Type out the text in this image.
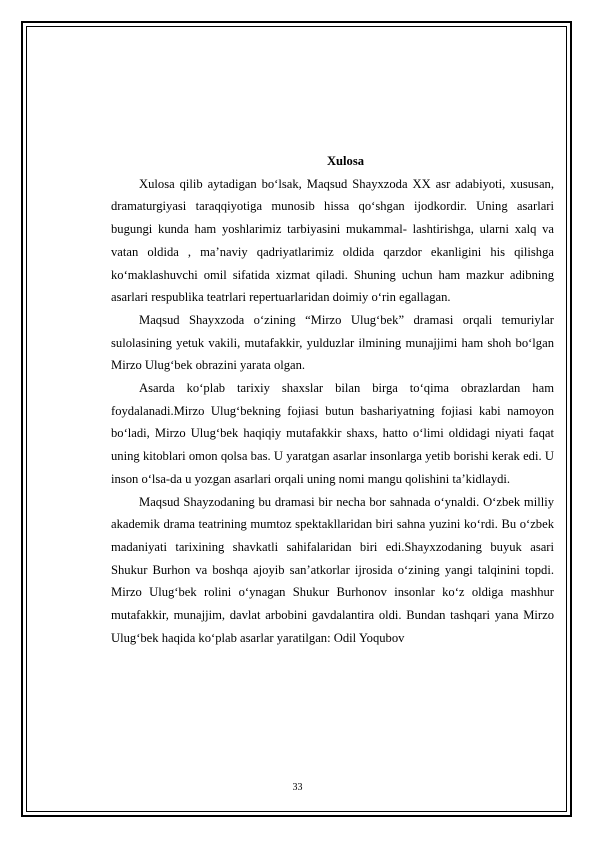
Xulosa

Xulosa qilib aytadigan bo‘lsak, Maqsud Shayxzoda XX asr adabiyoti, xususan, dramaturgiyasi taraqqiyotiga munosib hissa qo‘shgan ijodkordir. Uning asarlari bugungi kunda ham yoshlarimiz tarbiyasini mukammal- lashtirishga, ularni xalq va vatan oldida , ma’naviy qadriyatlarimiz oldida qarzdor ekanligini his qilishga ko‘maklashuvchi omil sifatida xizmat qiladi. Shuning uchun ham mazkur adibning asarlari respublika teatrlari repertuarlaridan doimiy o‘rin egallagan.

Maqsud Shayxzoda o‘zining “Mirzo Ulug‘bek” dramasi orqali temuriylar sulolasining yetuk vakili, mutafakkir, yulduzlar ilmining munajjimi ham shoh bo‘lgan Mirzo Ulug‘bek obrazini yarata olgan.

Asarda ko‘plab tarixiy shaxslar bilan birga to‘qima obrazlardan ham foydalanadi.Mirzo Ulug‘bekning fojiasi butun bashariyatning fojiasi kabi namoyon bo‘ladi, Mirzo Ulug‘bek haqiqiy mutafakkir shaxs, hatto o‘limi oldidagi niyati faqat uning kitoblari omon qolsa bas. U yaratgan asarlar insonlarga yetib borishi kerak edi. U inson o‘lsa-da u yozgan asarlari orqali uning nomi mangu qolishini ta’kidlaydi.

Maqsud Shayzodaning bu dramasi bir necha bor sahnada o‘ynaldi. O‘zbek milliy akademik drama teatrining mumtoz spektakllaridan biri sahna yuzini ko‘rdi. Bu o‘zbek madaniyati tarixining shavkatli sahifalaridan biri edi.Shayxzodaning buyuk asari Shukur Burhon va boshqa ajoyib san’atkorlar ijrosida o‘zining yangi talqinini topdi. Mirzo Ulug‘bek rolini o‘ynagan Shukur Burhonov insonlar ko‘z oldiga mashhur mutafakkir, munajjim, davlat arbobini gavdalantira oldi. Bundan tashqari yana Mirzo Ulug‘bek haqida ko‘plab asarlar yaratilgan: Odil Yoqubov

33
